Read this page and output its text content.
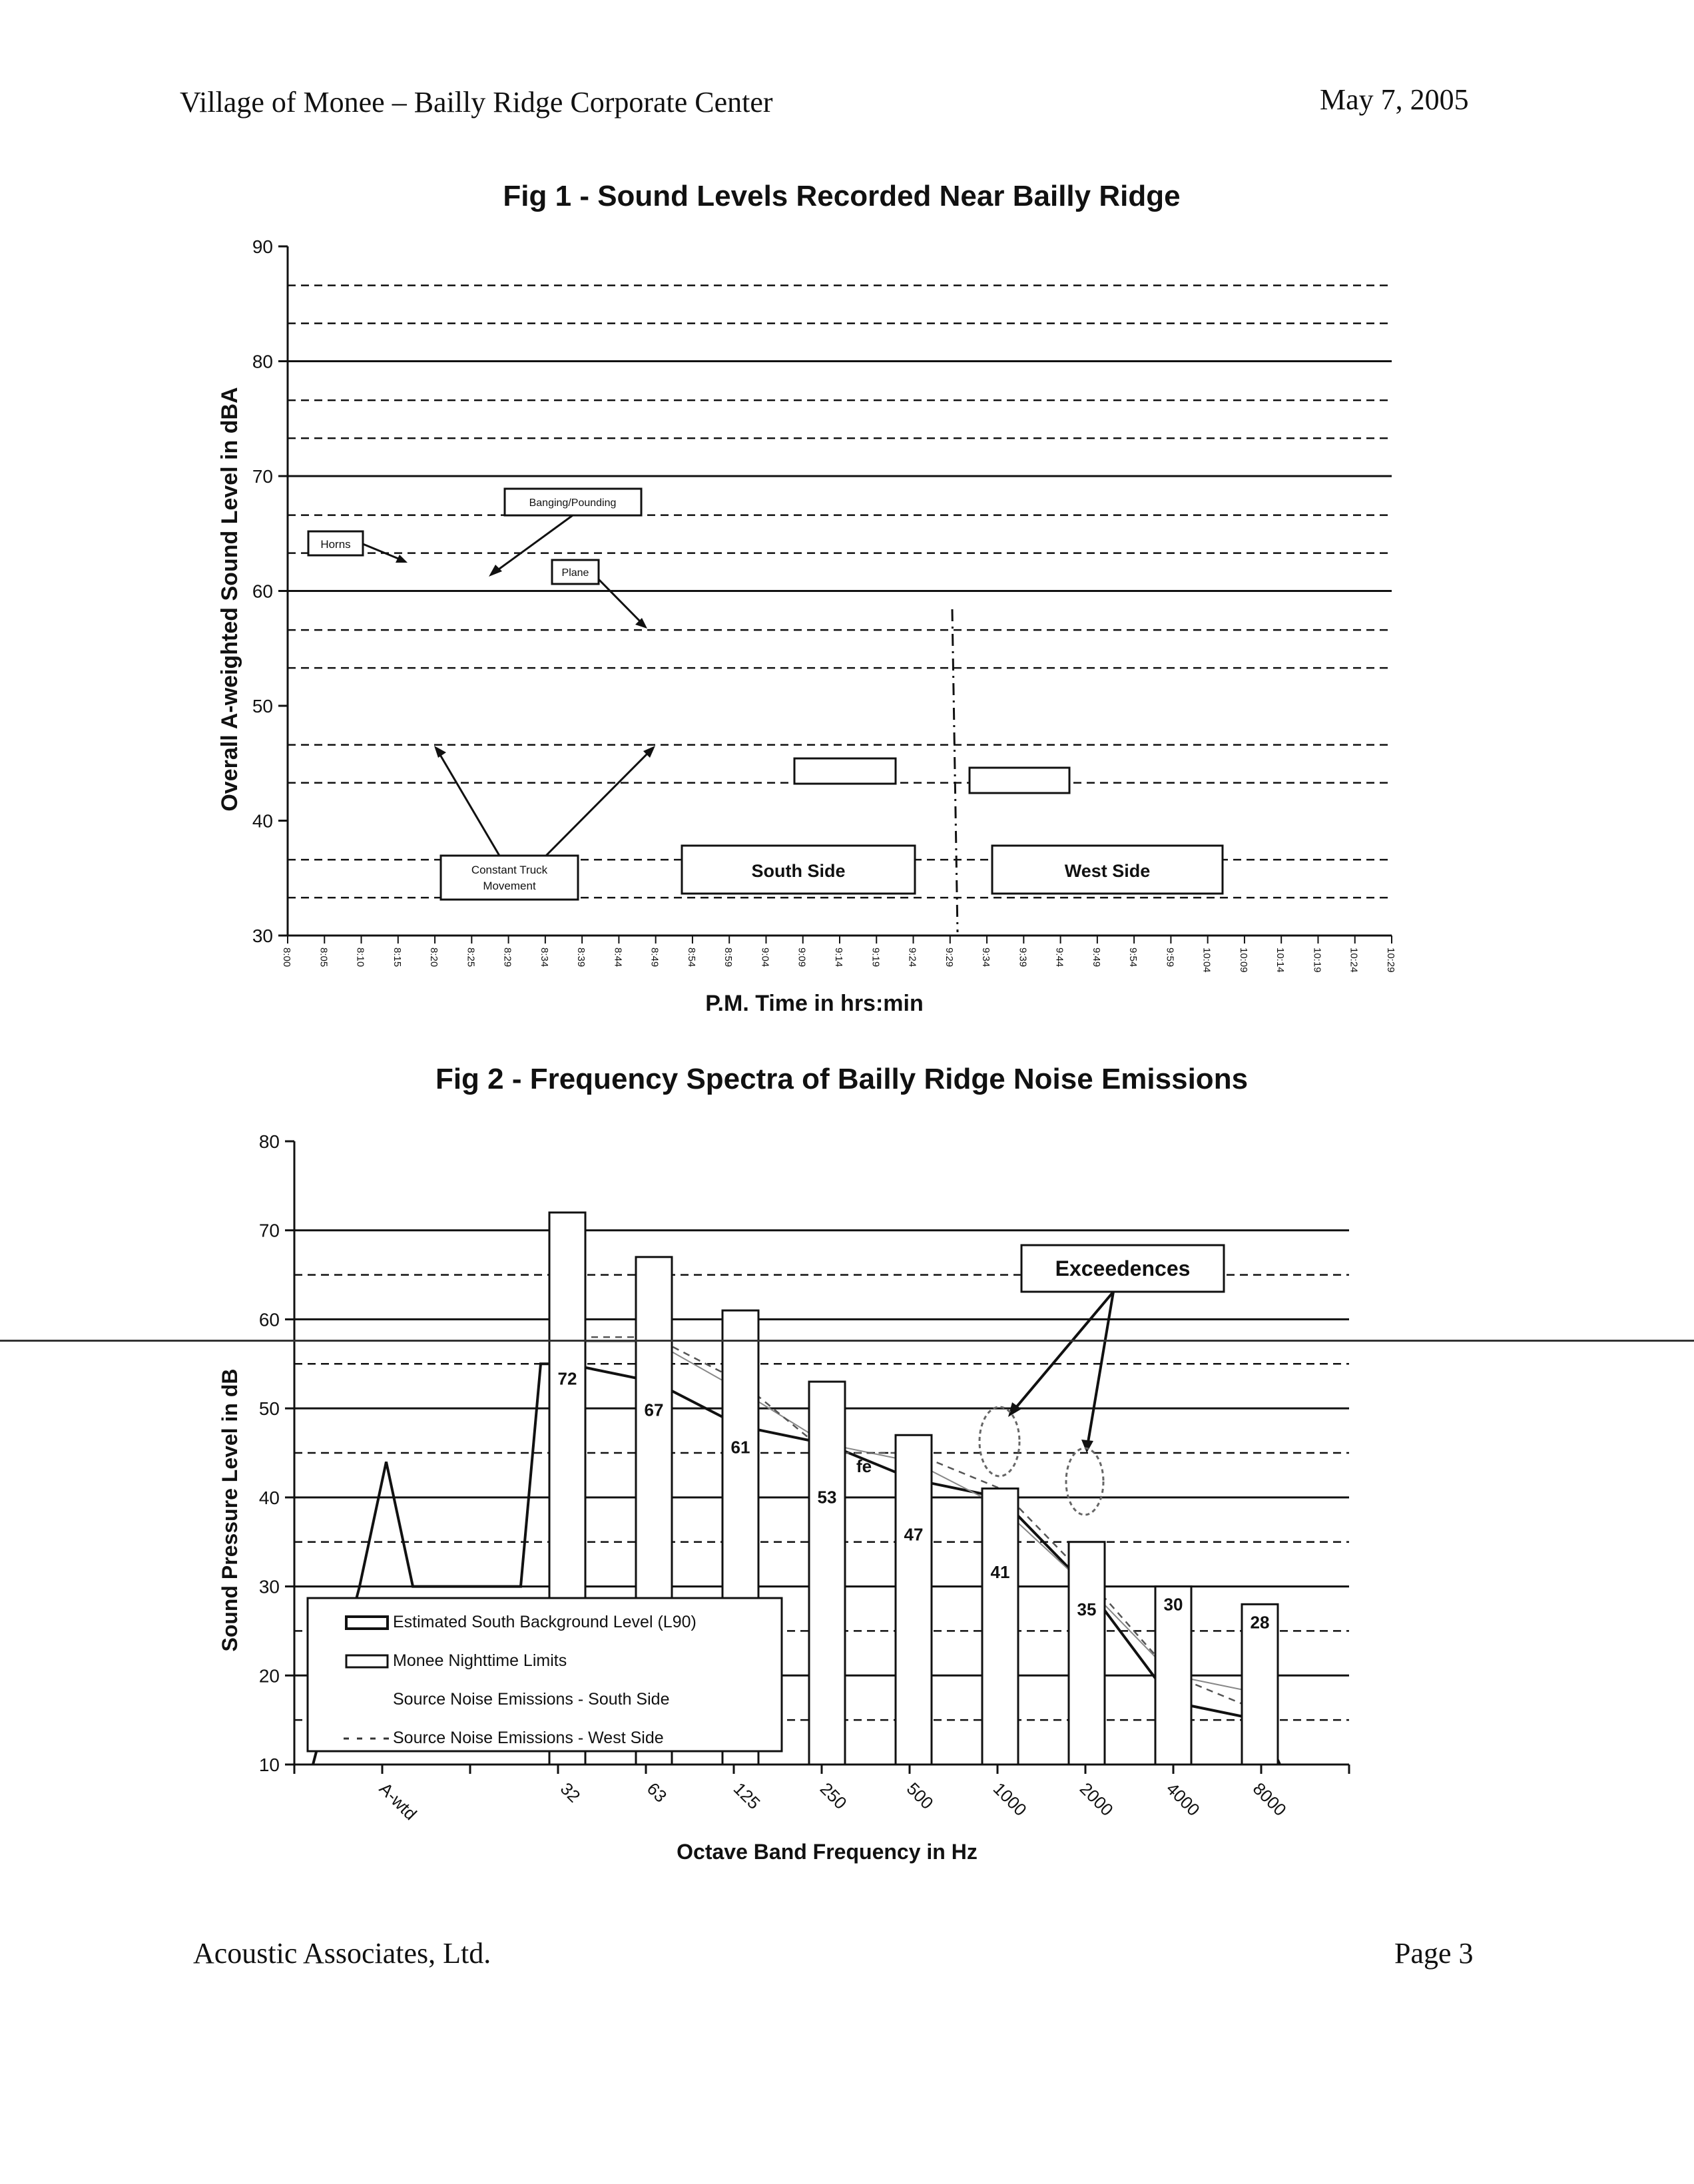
Village of Monee – Bailly Ridge Corporate Center	May 7, 2005
Fig 1 - Sound Levels Recorded Near Bailly Ridge
30
40
50
60
70
80
90
8:00	8:05	8:10	8:15	8:20	8:25	8:29	8:34	8:39	8:44	8:49	8:54	8:59	9:04	9:09	9:14	9:19	9:24	9:29	9:34	9:39	9:44	9:49	9:54	9:59	10:04	10:09	10:14	10:19	10:24	10:29
Horns
Banging/Pounding
Plane
Constant Truck
Movement
South Side	West Side
P.M. Time in hrs:min
Overall A-weighted Sound Level in dBA
Fig 2 - Frequency Spectra of Bailly Ridge Noise Emissions
10
20
30
40
50
60
70
80
72
67
61
53
47
41
35	30
28
A-wtd	32	63	125	250	500	1000	2000	4000	8000
Exceedences
fe
Estimated South Background Level (L90)
Monee Nighttime Limits
Source Noise Emissions - South Side
Source Noise Emissions - West Side
Octave Band Frequency in Hz
Sound Pressure Level in dB
Acoustic Associates, Ltd.	Page 3
